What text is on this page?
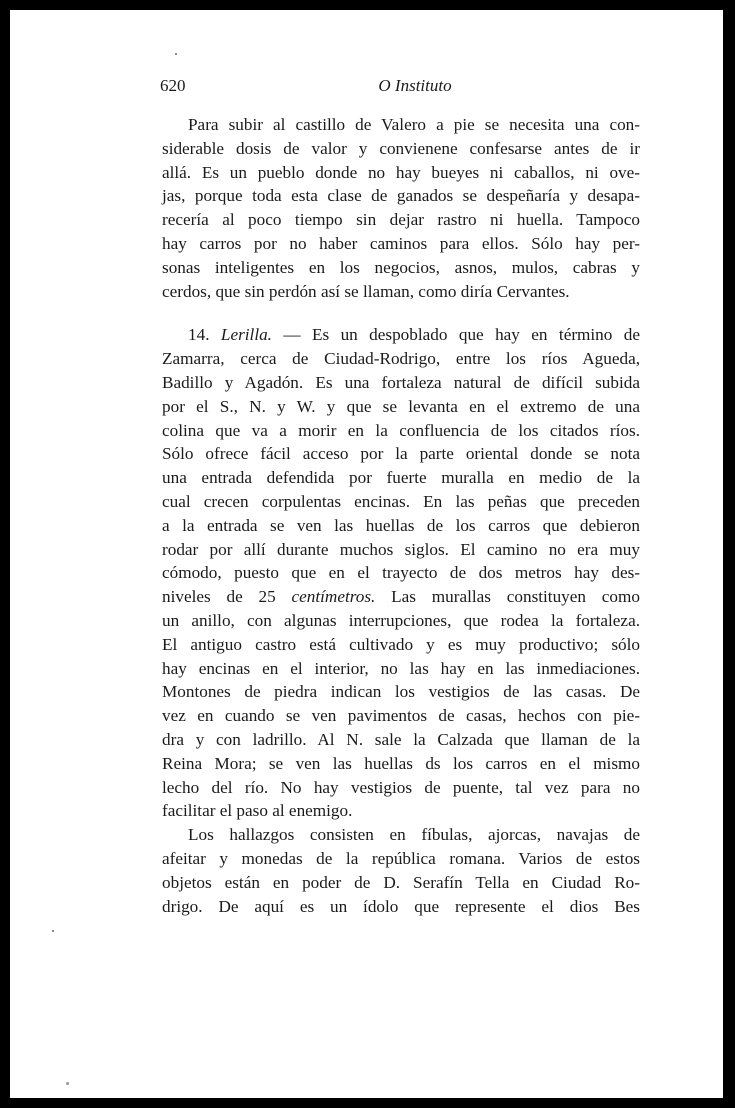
620	O Instituto
Para subir al castillo de Valero a pie se necesita una con-
siderable dosis de valor y convienene confesarse antes de ir
allá. Es un pueblo donde no hay bueyes ni caballos, ni ove-
jas, porque toda esta clase de ganados se despeñaría y desapa-
recería al poco tiempo sin dejar rastro ni huella. Tampoco
hay carros por no haber caminos para ellos. Sólo hay per-
sonas inteligentes en los negocios, asnos, mulos, cabras y
cerdos, que sin perdón así se llaman, como diría Cervantes.
14. Lerilla. — Es un despoblado que hay en término de
Zamarra, cerca de Ciudad-Rodrigo, entre los ríos Agueda,
Badillo y Agadón. Es una fortaleza natural de difícil subida
por el S., N. y W. y que se levanta en el extremo de una
colina que va a morir en la confluencia de los citados ríos.
Sólo ofrece fácil acceso por la parte oriental donde se nota
una entrada defendida por fuerte muralla en medio de la
cual crecen corpulentas encinas. En las peñas que preceden
a la entrada se ven las huellas de los carros que debieron
rodar por allí durante muchos siglos. El camino no era muy
cómodo, puesto que en el trayecto de dos metros hay des-
niveles de 25 centímetros. Las murallas constituyen como
un anillo, con algunas interrupciones, que rodea la fortaleza.
El antiguo castro está cultivado y es muy productivo; sólo
hay encinas en el interior, no las hay en las inmediaciones.
Montones de piedra indican los vestigios de las casas. De
vez en cuando se ven pavimentos de casas, hechos con pie-
dra y con ladrillo. Al N. sale la Calzada que llaman de la
Reina Mora; se ven las huellas ds los carros en el mismo
lecho del río. No hay vestigios de puente, tal vez para no
facilitar el paso al enemigo.
Los hallazgos consisten en fíbulas, ajorcas, navajas de
afeitar y monedas de la república romana. Varios de estos
objetos están en poder de D. Serafín Tella en Ciudad Ro-
drigo. De aquí es un ídolo que represente el dios Bes
